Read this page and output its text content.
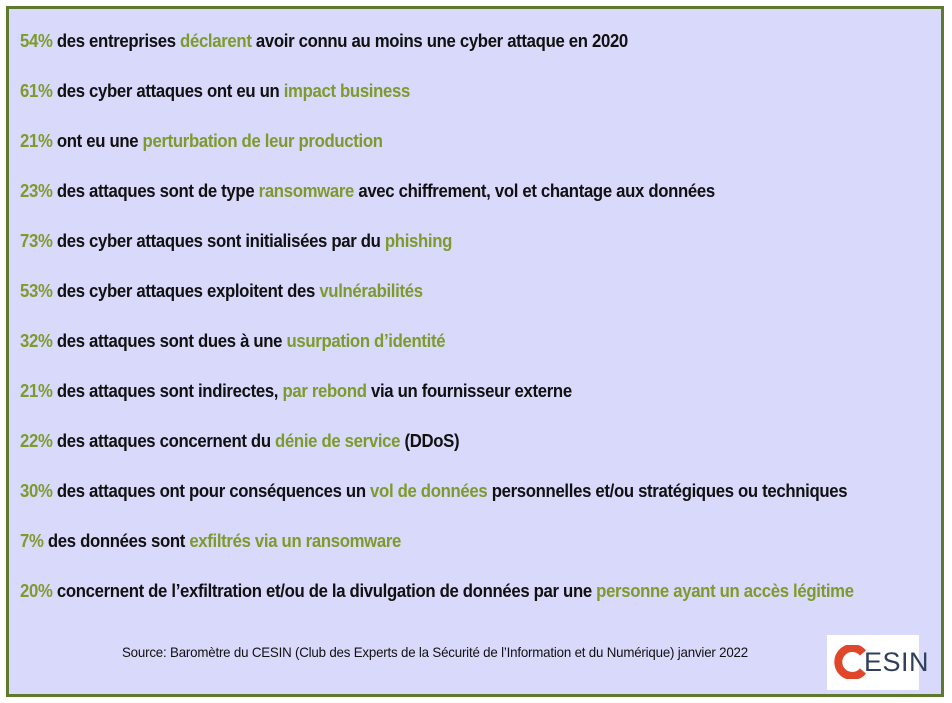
54% des entreprises déclarent avoir connu au moins une cyber attaque en 2020
61% des cyber attaques ont eu un impact business
21% ont eu une perturbation de leur production
23% des attaques sont de type ransomware avec chiffrement, vol et chantage aux données
73% des cyber attaques sont initialisées par du phishing
53% des cyber attaques exploitent des vulnérabilités
32% des attaques sont dues à une usurpation d’identité
21% des attaques sont indirectes, par rebond via un fournisseur externe
22% des attaques concernent du dénie de service (DDoS)
30% des attaques ont pour conséquences un vol de données personnelles et/ou stratégiques ou techniques
7% des données sont exfiltrés via un ransomware
20% concernent de l’exfiltration et/ou de la divulgation de données par une personne ayant un accès légitime
Source: Baromètre du CESIN (Club des Experts de la Sécurité de l’Information et du Numérique) janvier 2022	ESIN
